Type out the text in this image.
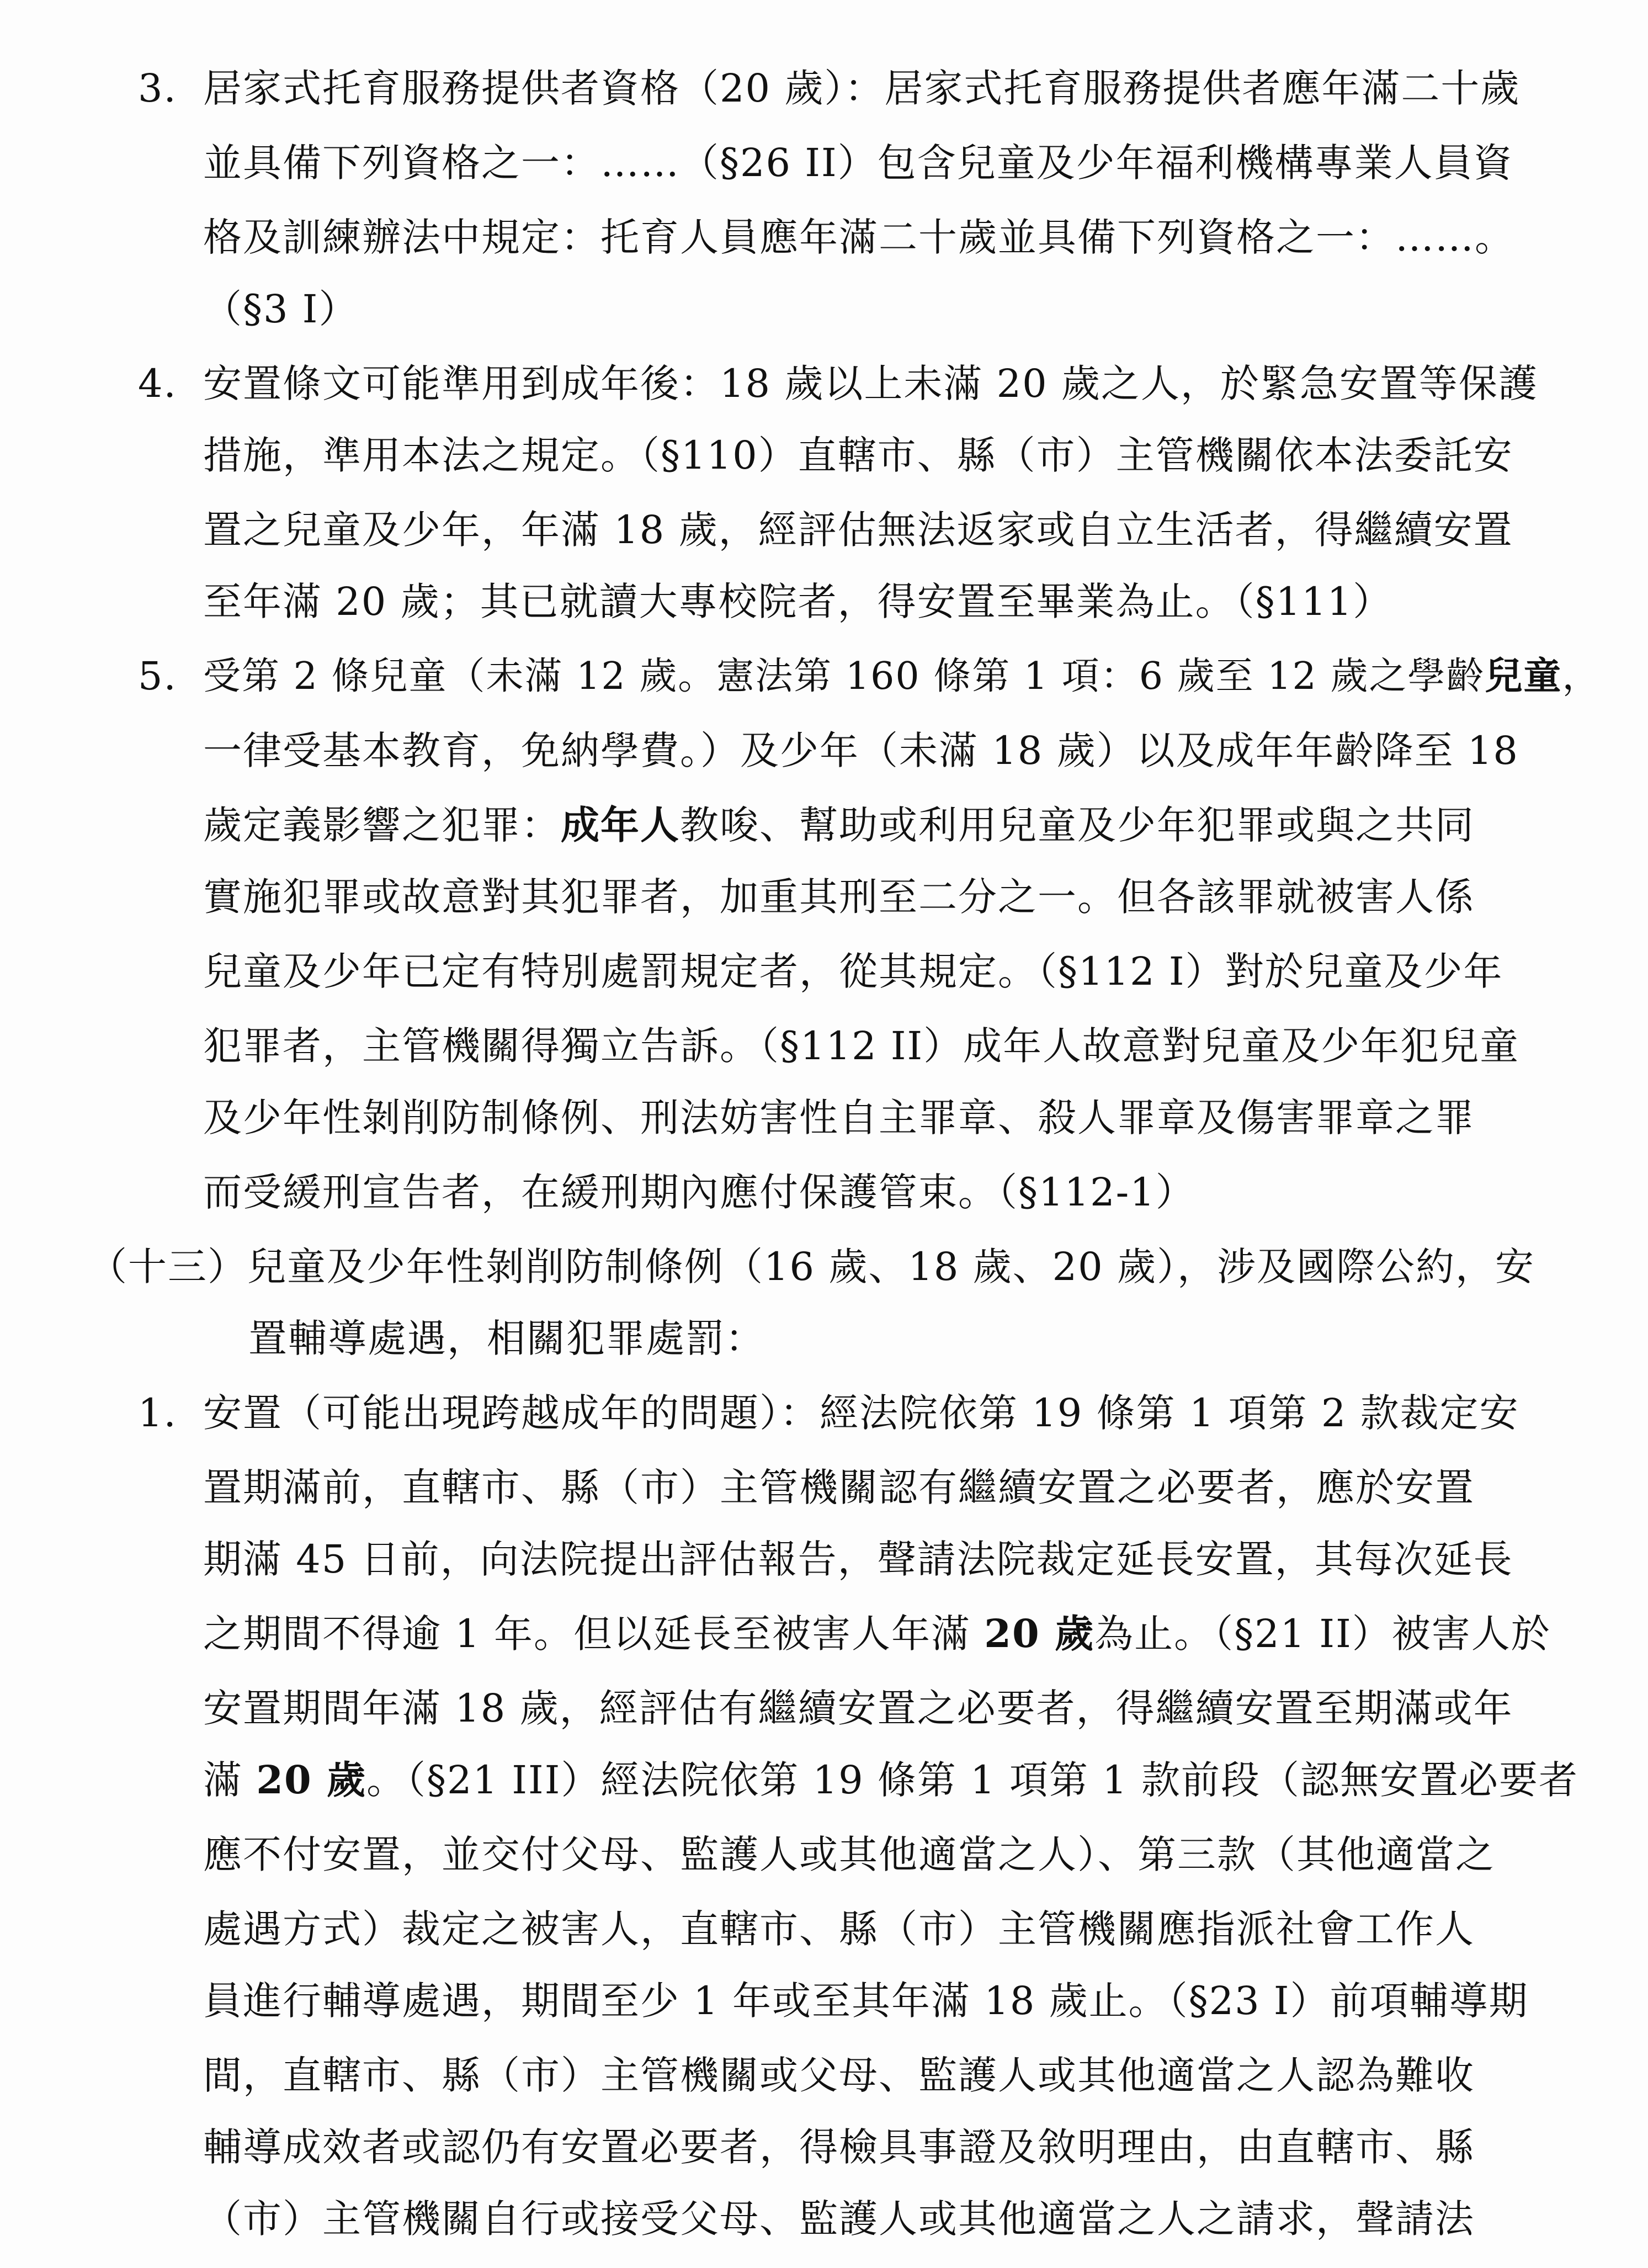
3. 居家式托育服務提供者資格（20 歲）：居家式托育服務提供者應年滿二十歲
並具備下列資格之一：……（§26 II）包含兒童及少年福利機構專業人員資
格及訓練辦法中規定：托育人員應年滿二十歲並具備下列資格之一：……。
（§3 I）
4. 安置條文可能準用到成年後：18 歲以上未滿 20 歲之人，於緊急安置等保護
措施，準用本法之規定。（§110）直轄市、縣（市）主管機關依本法委託安
置之兒童及少年，年滿 18 歲，經評估無法返家或自立生活者，得繼續安置
至年滿 20 歲；其已就讀大專校院者，得安置至畢業為止。（§111）
5. 受第 2 條兒童（未滿 12 歲。憲法第 160 條第 1 項：6 歲至 12 歲之學齡兒童，
一律受基本教育，免納學費。）及少年（未滿 18 歲）以及成年年齡降至 18
歲定義影響之犯罪：成年人教唆、幫助或利用兒童及少年犯罪或與之共同
實施犯罪或故意對其犯罪者，加重其刑至二分之一。但各該罪就被害人係
兒童及少年已定有特別處罰規定者，從其規定。（§112 I）對於兒童及少年
犯罪者，主管機關得獨立告訴。（§112 II）成年人故意對兒童及少年犯兒童
及少年性剝削防制條例、刑法妨害性自主罪章、殺人罪章及傷害罪章之罪
而受緩刑宣告者，在緩刑期內應付保護管束。（§112-1）
（十三）兒童及少年性剝削防制條例（16 歲、18 歲、20 歲），涉及國際公約，安
置輔導處遇，相關犯罪處罰：
1. 安置（可能出現跨越成年的問題）：經法院依第 19 條第 1 項第 2 款裁定安
置期滿前，直轄市、縣（市）主管機關認有繼續安置之必要者，應於安置
期滿 45 日前，向法院提出評估報告，聲請法院裁定延長安置，其每次延長
之期間不得逾 1 年。但以延長至被害人年滿 20 歲為止。（§21 II）被害人於
安置期間年滿 18 歲，經評估有繼續安置之必要者，得繼續安置至期滿或年
滿 20 歲。（§21 III）經法院依第 19 條第 1 項第 1 款前段（認無安置必要者
應不付安置，並交付父母、監護人或其他適當之人）、第三款（其他適當之
處遇方式）裁定之被害人，直轄市、縣（市）主管機關應指派社會工作人
員進行輔導處遇，期間至少 1 年或至其年滿 18 歲止。（§23 I）前項輔導期
間，直轄市、縣（市）主管機關或父母、監護人或其他適當之人認為難收
輔導成效者或認仍有安置必要者，得檢具事證及敘明理由，由直轄市、縣
（市）主管機關自行或接受父母、監護人或其他適當之人之請求，聲請法
